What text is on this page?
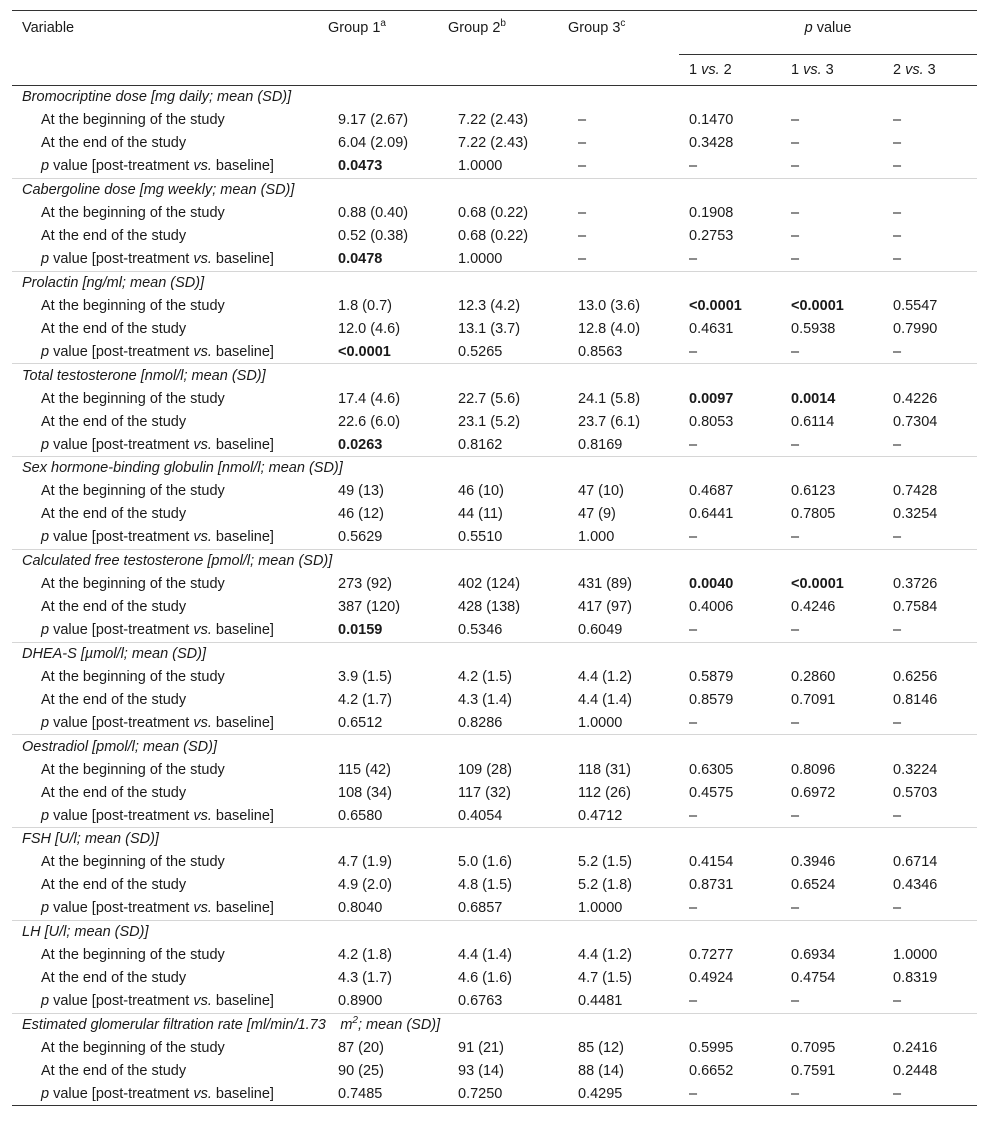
Variable	Group 1$^a$	Group 2$^b$	Group 3$^c$	p value		
				1 vs. 2	1 vs. 3	2 vs. 3
Bromocriptine dose [mg daily; mean (SD)]						
At the beginning of the study	9.17 (2.67)	7.22 (2.43)	–	0.1470	–	–
At the end of the study	6.04 (2.09)	7.22 (2.43)	–	0.3428	–	–
p value [post-treatment vs. baseline]	0.0473	1.0000	–	–	–	–
Cabergoline dose [mg weekly; mean (SD)]						
At the beginning of the study	0.88 (0.40)	0.68 (0.22)	–	0.1908	–	–
At the end of the study	0.52 (0.38)	0.68 (0.22)	–	0.2753	–	–
p value [post-treatment vs. baseline]	0.0478	1.0000	–	–	–	–
Prolactin [ng/ml; mean (SD)]						
At the beginning of the study	1.8 (0.7)	12.3 (4.2)	13.0 (3.6)	<0.0001	<0.0001	0.5547
At the end of the study	12.0 (4.6)	13.1 (3.7)	12.8 (4.0)	0.4631	0.5938	0.7990
p value [post-treatment vs. baseline]	<0.0001	0.5265	0.8563	–	–	–
Total testosterone [nmol/l; mean (SD)]						
At the beginning of the study	17.4 (4.6)	22.7 (5.6)	24.1 (5.8)	0.0097	0.0014	0.4226
At the end of the study	22.6 (6.0)	23.1 (5.2)	23.7 (6.1)	0.8053	0.6114	0.7304
p value [post-treatment vs. baseline]	0.0263	0.8162	0.8169	–	–	–
Sex hormone-binding globulin [nmol/l; mean (SD)]						
At the beginning of the study	49 (13)	46 (10)	47 (10)	0.4687	0.6123	0.7428
At the end of the study	46 (12)	44 (11)	47 (9)	0.6441	0.7805	0.3254
p value [post-treatment vs. baseline]	0.5629	0.5510	1.000	–	–	–
Calculated free testosterone [pmol/l; mean (SD)]						
At the beginning of the study	273 (92)	402 (124)	431 (89)	0.0040	<0.0001	0.3726
At the end of the study	387 (120)	428 (138)	417 (97)	0.4006	0.4246	0.7584
p value [post-treatment vs. baseline]	0.0159	0.5346	0.6049	–	–	–
DHEA-S [µmol/l; mean (SD)]						
At the beginning of the study	3.9 (1.5)	4.2 (1.5)	4.4 (1.2)	0.5879	0.2860	0.6256
At the end of the study	4.2 (1.7)	4.3 (1.4)	4.4 (1.4)	0.8579	0.7091	0.8146
p value [post-treatment vs. baseline]	0.6512	0.8286	1.0000	–	–	–
Oestradiol [pmol/l; mean (SD)]						
At the beginning of the study	115 (42)	109 (28)	118 (31)	0.6305	0.8096	0.3224
At the end of the study	108 (34)	117 (32)	112 (26)	0.4575	0.6972	0.5703
p value [post-treatment vs. baseline]	0.6580	0.4054	0.4712	–	–	–
FSH [U/l; mean (SD)]						
At the beginning of the study	4.7 (1.9)	5.0 (1.6)	5.2 (1.5)	0.4154	0.3946	0.6714
At the end of the study	4.9 (2.0)	4.8 (1.5)	5.2 (1.8)	0.8731	0.6524	0.4346
p value [post-treatment vs. baseline]	0.8040	0.6857	1.0000	–	–	–
LH [U/l; mean (SD)]						
At the beginning of the study	4.2 (1.8)	4.4 (1.4)	4.4 (1.2)	0.7277	0.6934	1.0000
At the end of the study	4.3 (1.7)	4.6 (1.6)	4.7 (1.5)	0.4924	0.4754	0.8319
p value [post-treatment vs. baseline]	0.8900	0.6763	0.4481	–	–	–
Estimated glomerular filtration rate [ml/min/1.73 $m^2$; mean (SD)]						
At the beginning of the study	87 (20)	91 (21)	85 (12)	0.5995	0.7095	0.2416
At the end of the study	90 (25)	93 (14)	88 (14)	0.6652	0.7591	0.2448
p value [post-treatment vs. baseline]	0.7485	0.7250	0.4295	–	–	–
